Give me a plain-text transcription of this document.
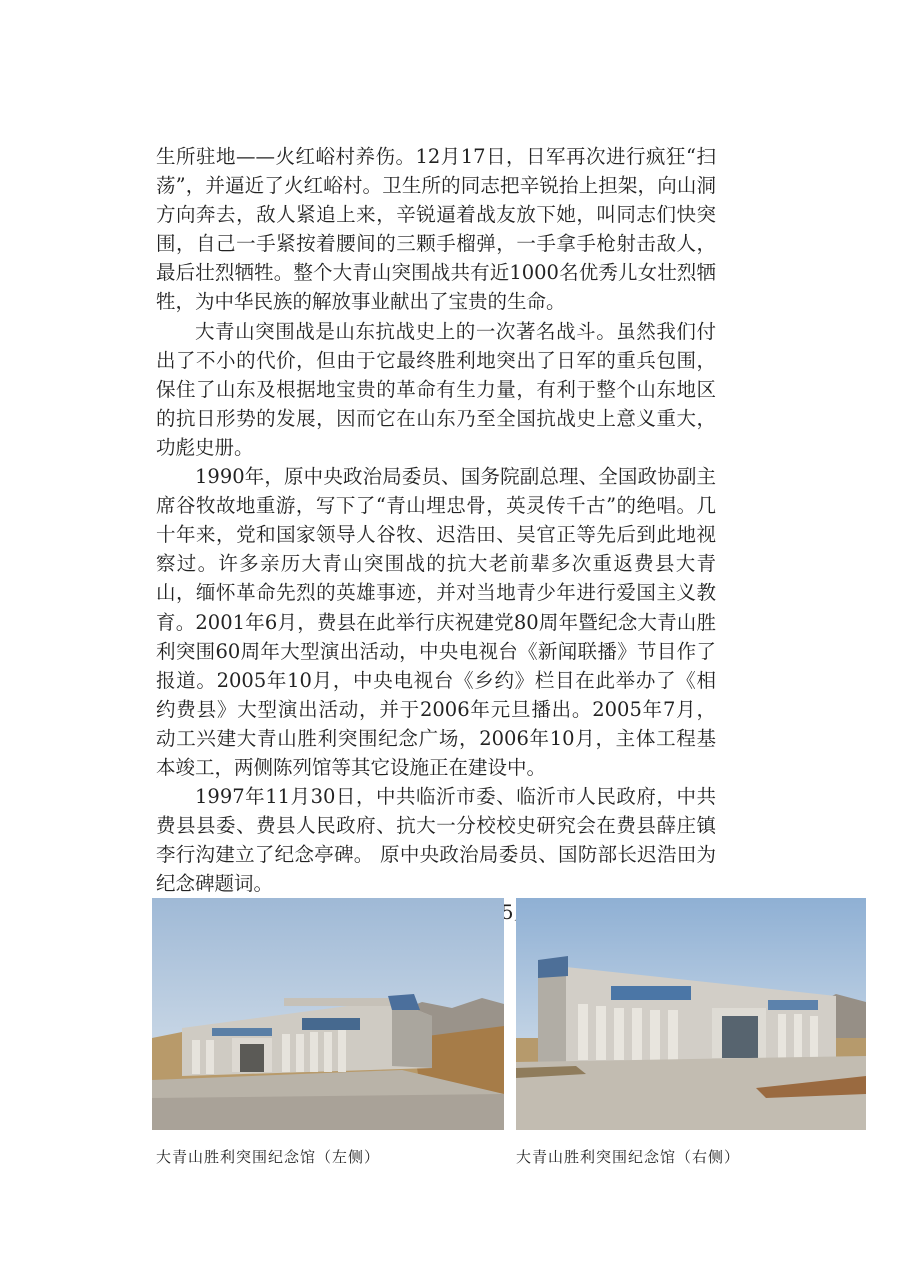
生所驻地——火红峪村养伤。12月17日，日军再次进行疯狂“扫荡”，并逼近了火红峪村。卫生所的同志把辛锐抬上担架，向山洞方向奔去，敌人紧追上来，辛锐逼着战友放下她，叫同志们快突围，自己一手紧按着腰间的三颗手榴弹，一手拿手枪射击敌人，最后壮烈牺牲。整个大青山突围战共有近1000名优秀儿女壮烈牺牲，为中华民族的解放事业献出了宝贵的生命。

大青山突围战是山东抗战史上的一次著名战斗。虽然我们付出了不小的代价，但由于它最终胜利地突出了日军的重兵包围，保住了山东及根据地宝贵的革命有生力量，有利于整个山东地区的抗日形势的发展，因而它在山东乃至全国抗战史上意义重大，功彪史册。

1990年，原中央政治局委员、国务院副总理、全国政协副主席谷牧故地重游，写下了“青山埋忠骨，英灵传千古”的绝唱。几十年来，党和国家领导人谷牧、迟浩田、吴官正等先后到此地视察过。许多亲历大青山突围战的抗大老前辈多次重返费县大青山，缅怀革命先烈的英雄事迹，并对当地青少年进行爱国主义教育。2001年6月，费县在此举行庆祝建党80周年暨纪念大青山胜利突围60周年大型演出活动，中央电视台《新闻联播》节目作了报道。2005年10月，中央电视台《乡约》栏目在此举办了《相约费县》大型演出活动，并于2006年元旦播出。2005年7月，动工兴建大青山胜利突围纪念广场，2006年10月，主体工程基本竣工，两侧陈列馆等其它设施正在建设中。

1997年11月30日，中共临沂市委、临沂市人民政府，中共费县县委、费县人民政府、抗大一分校校史研究会在费县薛庄镇李行沟建立了纪念亭碑。 原中央政治局委员、国防部长迟浩田为纪念碑题词。

大青山胜利突围纪念馆（左侧）	大青山胜利突围纪念馆（右侧）
